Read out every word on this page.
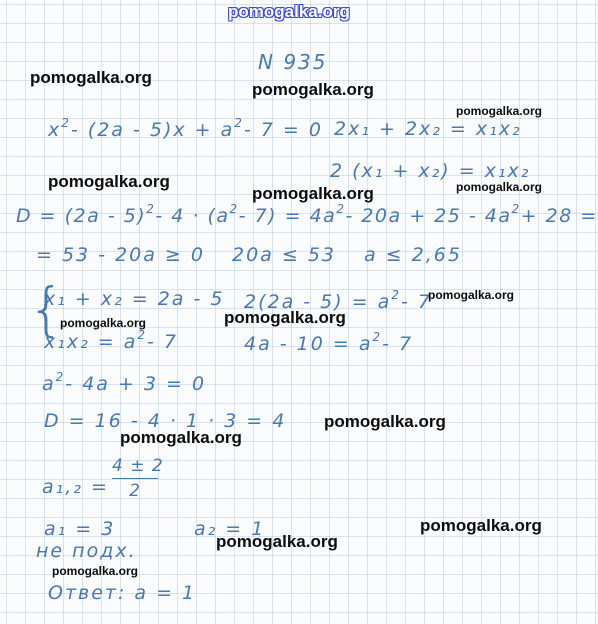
pomogalka.org
N 935
$x^2-$ $(2a - 5)x + a^2-$ 7 = 0 2x₁ + 2x₂ = x₁x₂
2 (x₁ + x₂) = x₁x₂
D = (2a - 5)$^2$- $4 \cdot (a^2-$ $7) = 4a^2-$ $20a + 25 - 4a^2+ 28$ =
= 53 - 20a ≥ 0 20a ≤ 53 a ≤ 2,65
{
x₁ + x₂ = 2a - 5
$x_1x_2 = a^2-$ 7
$2(2a - 5) = a^2-$ 7
$4a - 10 = a^2-$ 7
$a^2-$ 4a + 3 = 0
D = 16 - 4 · 1 · 3 = 4
a₁,₂ =
4 ± 2
2
a₁ = 3	a₂ = 1
не подх.
Ответ: a = 1
pomogalka.org
pomogalka.org
pomogalka.org
pomogalka.org
pomogalka.org	pomogalka.org
pomogalka.org
pomogalka.org	pomogalka.org
pomogalka.org
pomogalka.org
pomogalka.org
pomogalka.org
pomogalka.org
